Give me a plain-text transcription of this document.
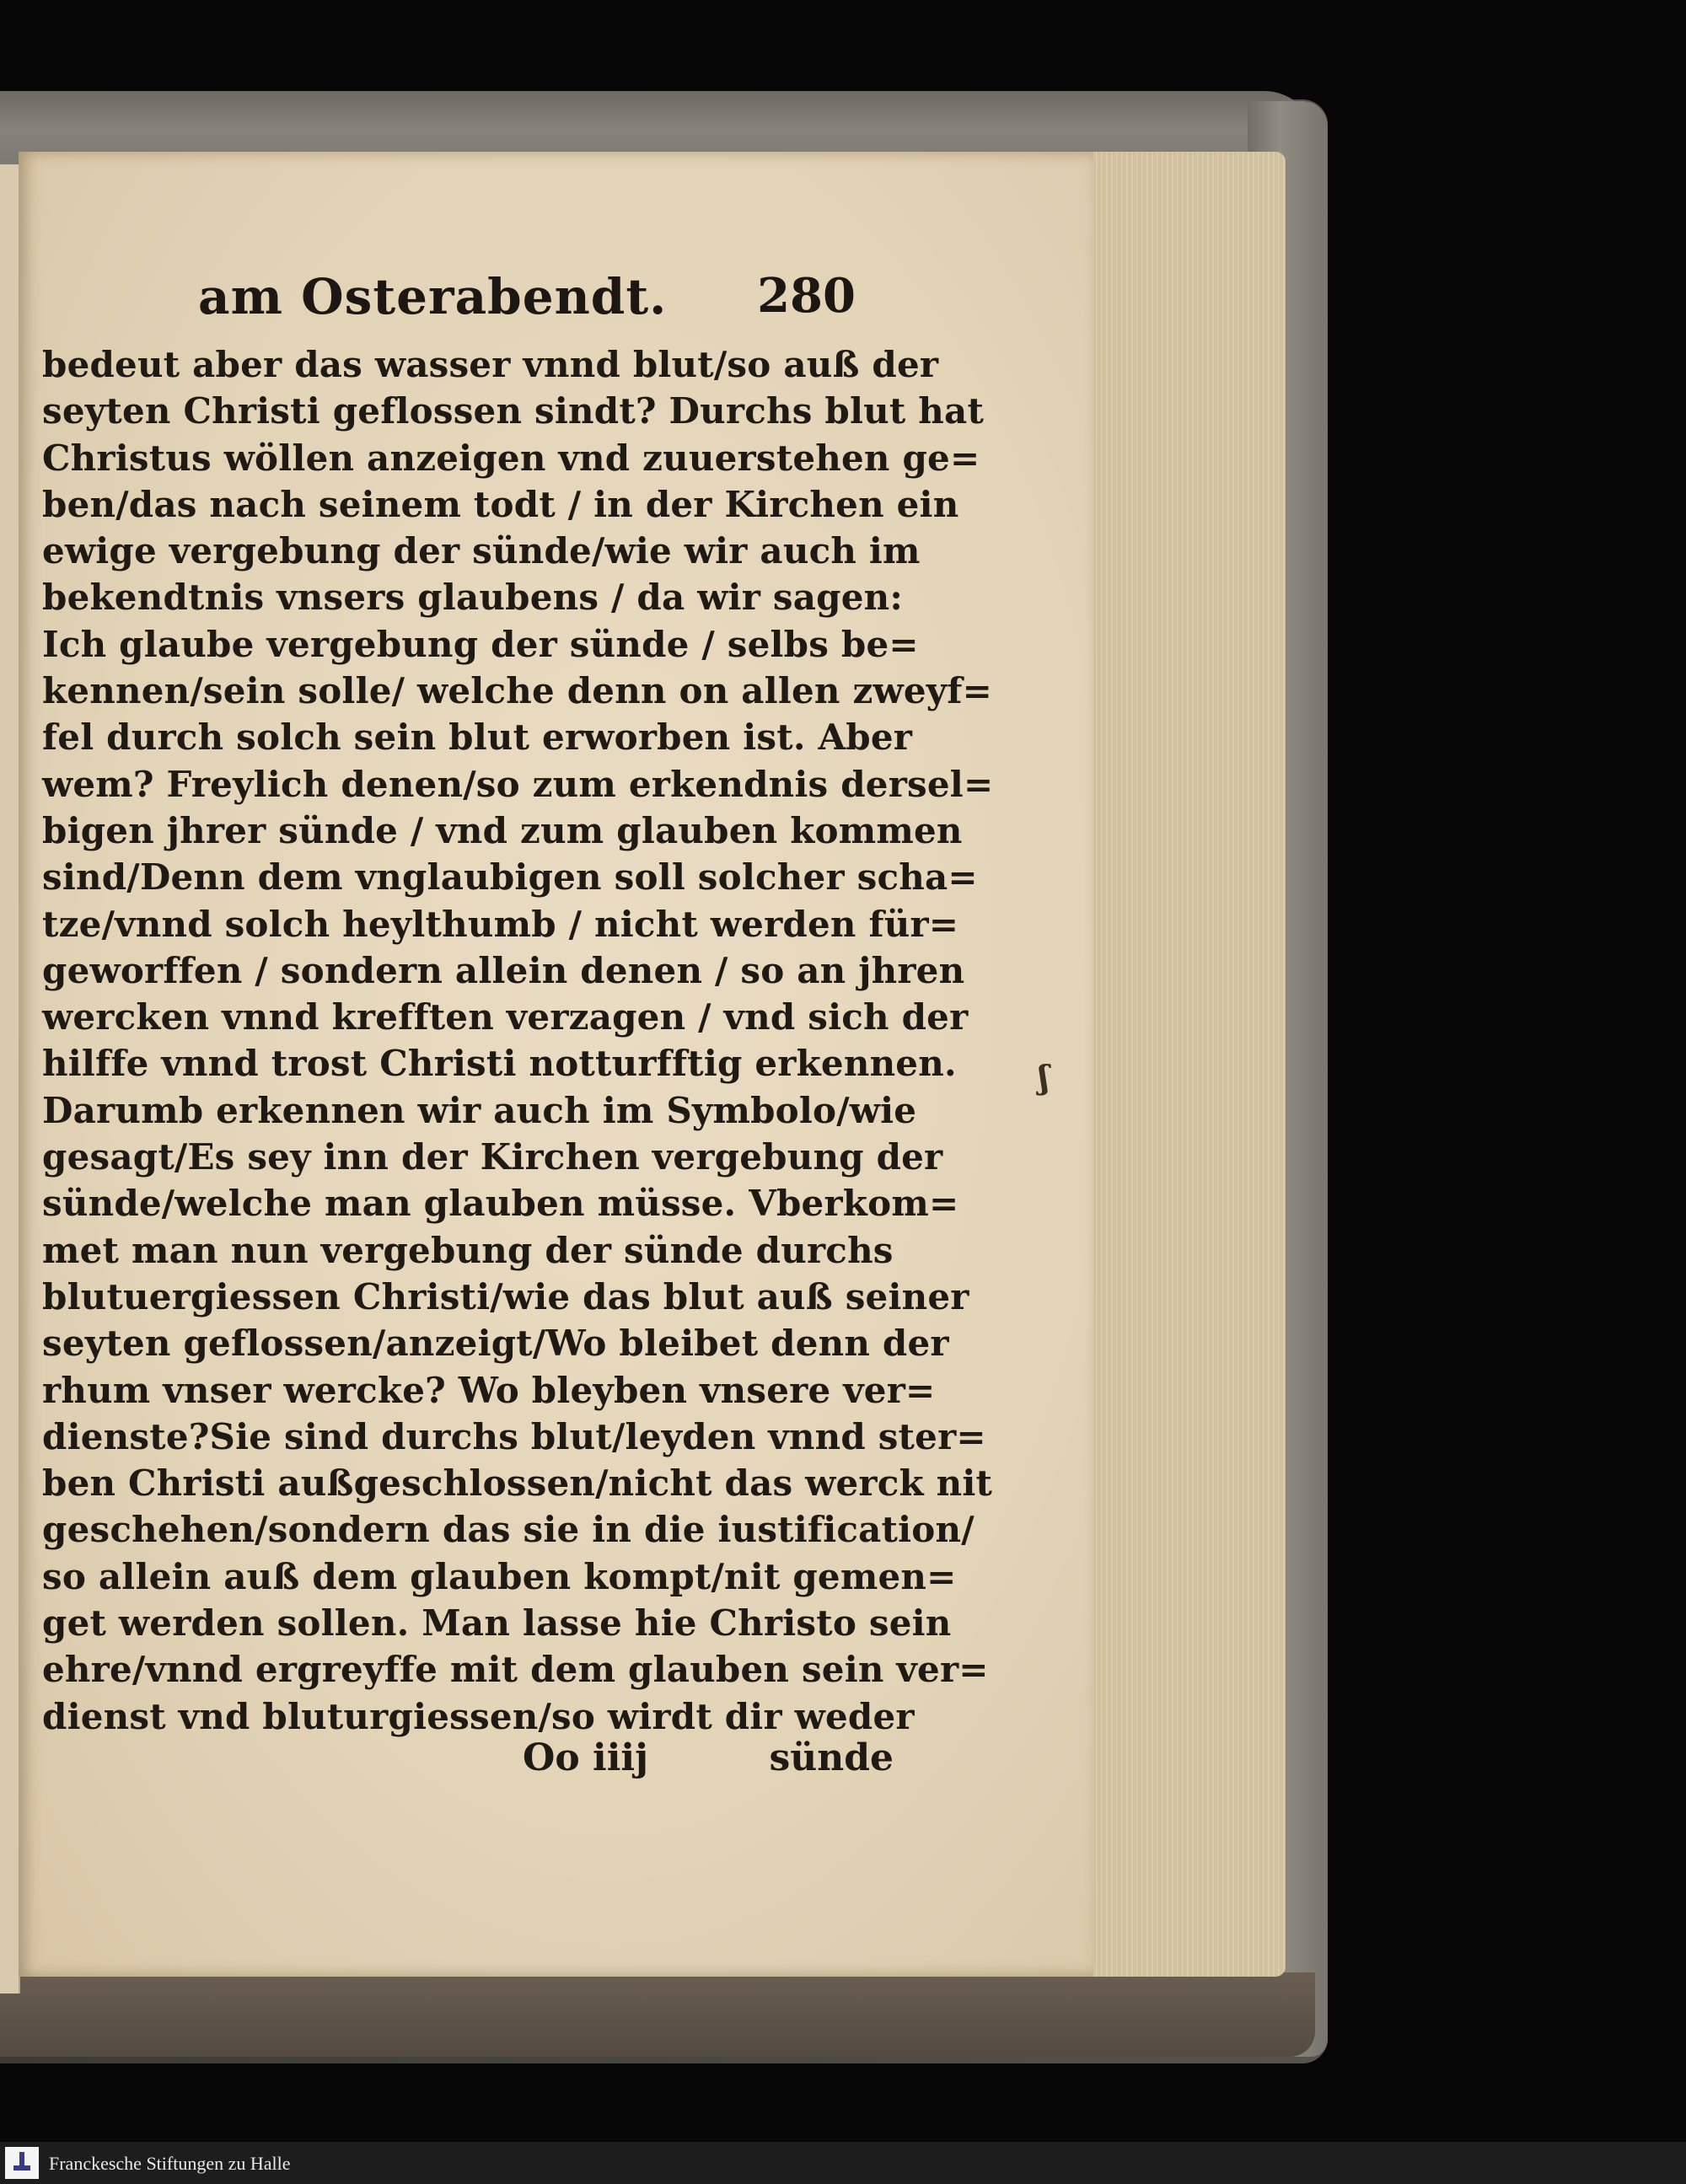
am Osterabendt. 280
bedeut aber das wasser vnnd blut/so auß der
seyten Christi geflossen sindt? Durchs blut hat
Christus wöllen anzeigen vnd zuuerstehen ge=
ben/das nach seinem todt / in der Kirchen ein
ewige vergebung der sünde/wie wir auch im
bekendtnis vnsers glaubens / da wir sagen:
Ich glaube vergebung der sünde / selbs be=
kennen/sein solle/ welche denn on allen zweyf=
fel durch solch sein blut erworben ist. Aber
wem? Freylich denen/so zum erkendnis dersel=
bigen jhrer sünde / vnd zum glauben kommen
sind/Denn dem vnglaubigen soll solcher scha=
tze/vnnd solch heylthumb / nicht werden für=
geworffen / sondern allein denen / so an jhren
wercken vnnd krefften verzagen / vnd sich der
hilffe vnnd trost Christi notturfftig erkennen.
Darumb erkennen wir auch im Symbolo/wie
gesagt/Es sey inn der Kirchen vergebung der
sünde/welche man glauben müsse. Vberkom=
met man nun vergebung der sünde durchs
blutuergiessen Christi/wie das blut auß seiner
seyten geflossen/anzeigt/Wo bleibet denn der
rhum vnser wercke? Wo bleyben vnsere ver=
dienste?Sie sind durchs blut/leyden vnnd ster=
ben Christi außgeschlossen/nicht das werck nit
geschehen/sondern das sie in die iustification/
so allein auß dem glauben kompt/nit gemen=
get werden sollen. Man lasse hie Christo sein
ehre/vnnd ergreyffe mit dem glauben sein ver=
dienst vnd bluturgiessen/so wirdt dir weder
Oo iiij	sünde
ʃ
Franckesche Stiftungen zu Halle
